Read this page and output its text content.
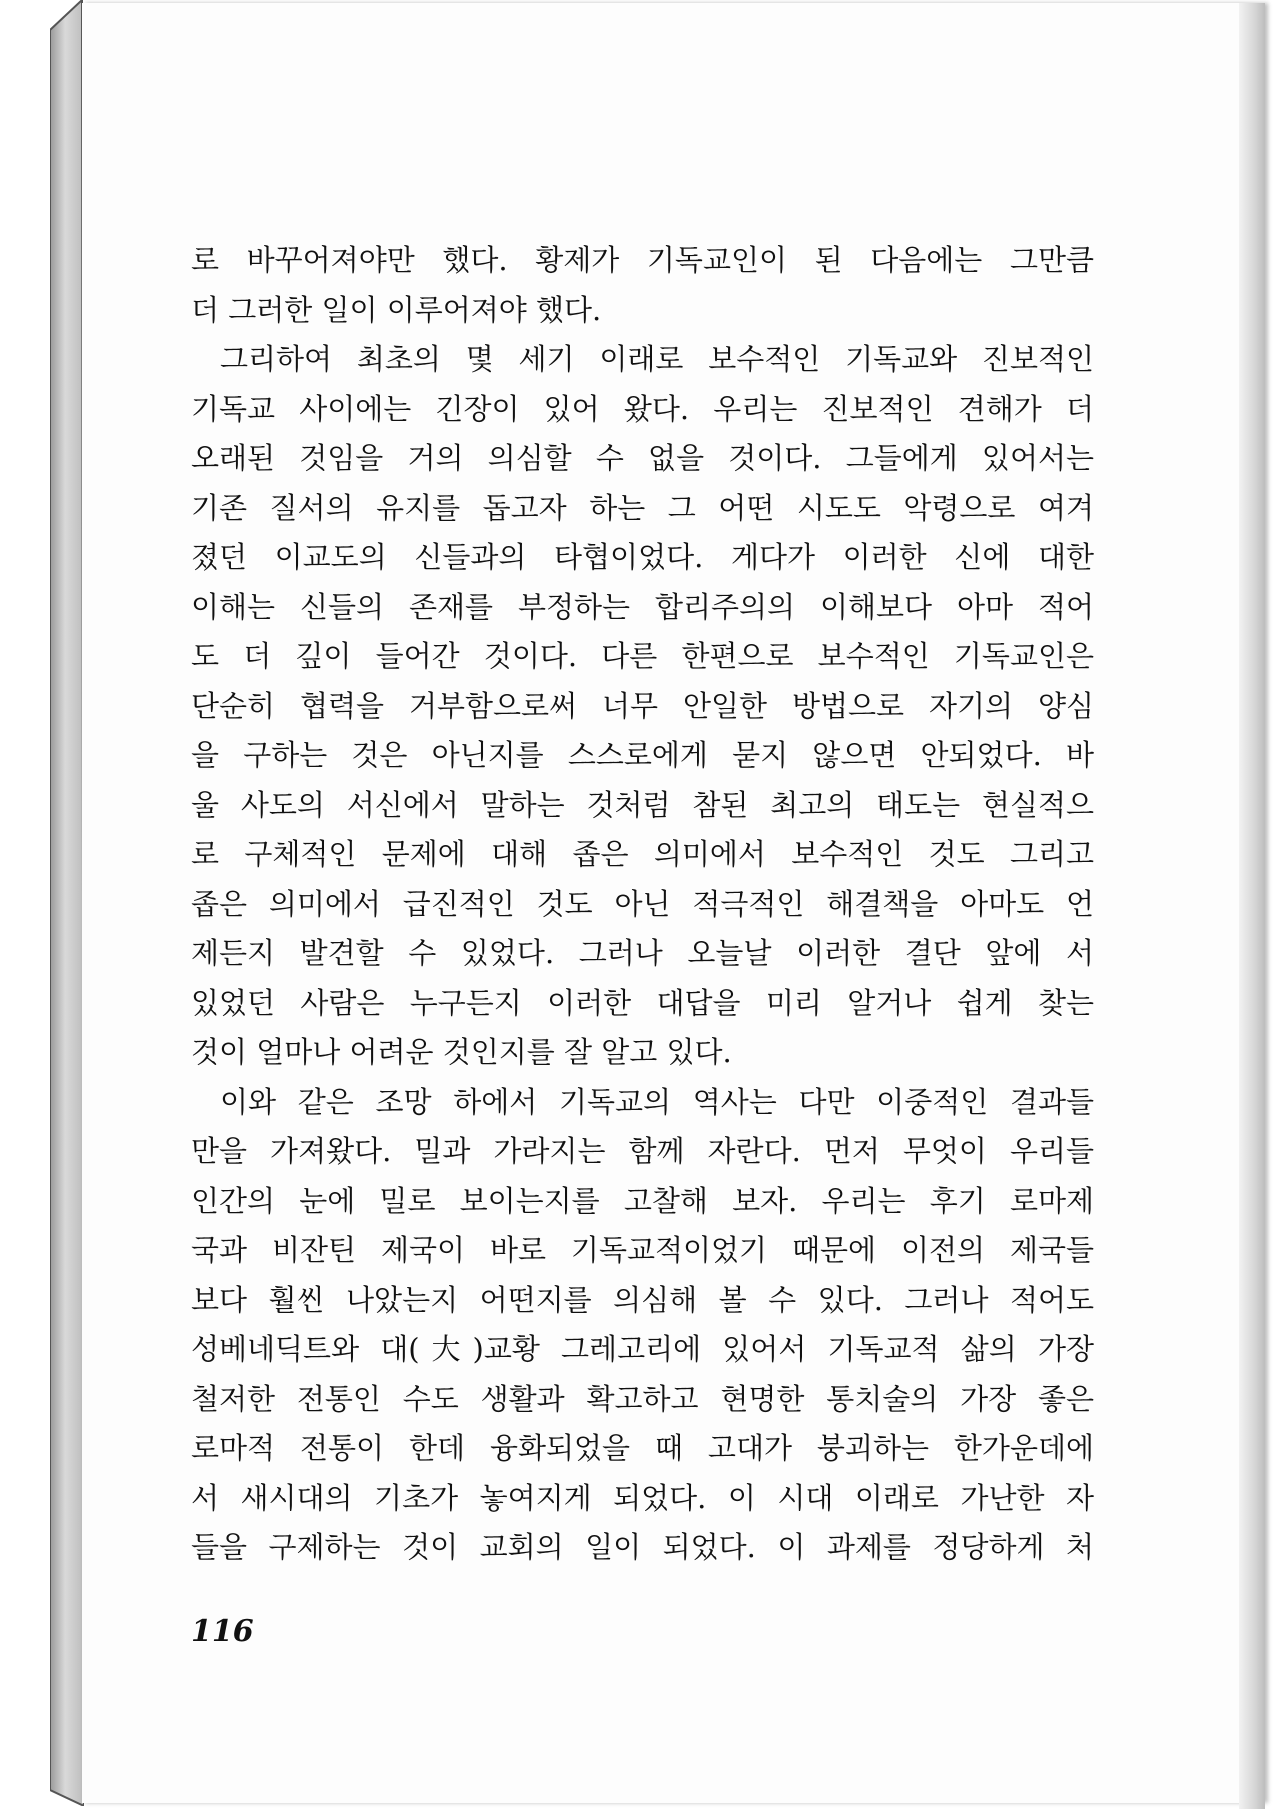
로 바꾸어져야만 했다. 황제가 기독교인이 된 다음에는 그만큼
더 그러한 일이 이루어져야 했다.
그리하여 최초의 몇 세기 이래로 보수적인 기독교와 진보적인
기독교 사이에는 긴장이 있어 왔다. 우리는 진보적인 견해가 더
오래된 것임을 거의 의심할 수 없을 것이다. 그들에게 있어서는
기존 질서의 유지를 돕고자 하는 그 어떤 시도도 악령으로 여겨
졌던 이교도의 신들과의 타협이었다. 게다가 이러한 신에 대한
이해는 신들의 존재를 부정하는 합리주의의 이해보다 아마 적어
도 더 깊이 들어간 것이다. 다른 한편으로 보수적인 기독교인은
단순히 협력을 거부함으로써 너무 안일한 방법으로 자기의 양심
을 구하는 것은 아닌지를 스스로에게 묻지 않으면 안되었다. 바
울 사도의 서신에서 말하는 것처럼 참된 최고의 태도는 현실적으
로 구체적인 문제에 대해 좁은 의미에서 보수적인 것도 그리고
좁은 의미에서 급진적인 것도 아닌 적극적인 해결책을 아마도 언
제든지 발견할 수 있었다. 그러나 오늘날 이러한 결단 앞에 서
있었던 사람은 누구든지 이러한 대답을 미리 알거나 쉽게 찾는
것이 얼마나 어려운 것인지를 잘 알고 있다.
이와 같은 조망 하에서 기독교의 역사는 다만 이중적인 결과들
만을 가져왔다. 밀과 가라지는 함께 자란다. 먼저 무엇이 우리들
인간의 눈에 밀로 보이는지를 고찰해 보자. 우리는 후기 로마제
국과 비잔틴 제국이 바로 기독교적이었기 때문에 이전의 제국들
보다 훨씬 나았는지 어떤지를 의심해 볼 수 있다. 그러나 적어도
성베네딕트와 대(大)교황 그레고리에 있어서 기독교적 삶의 가장
철저한 전통인 수도 생활과 확고하고 현명한 통치술의 가장 좋은
로마적 전통이 한데 융화되었을 때 고대가 붕괴하는 한가운데에
서 새시대의 기초가 놓여지게 되었다. 이 시대 이래로 가난한 자
들을 구제하는 것이 교회의 일이 되었다. 이 과제를 정당하게 처
116
